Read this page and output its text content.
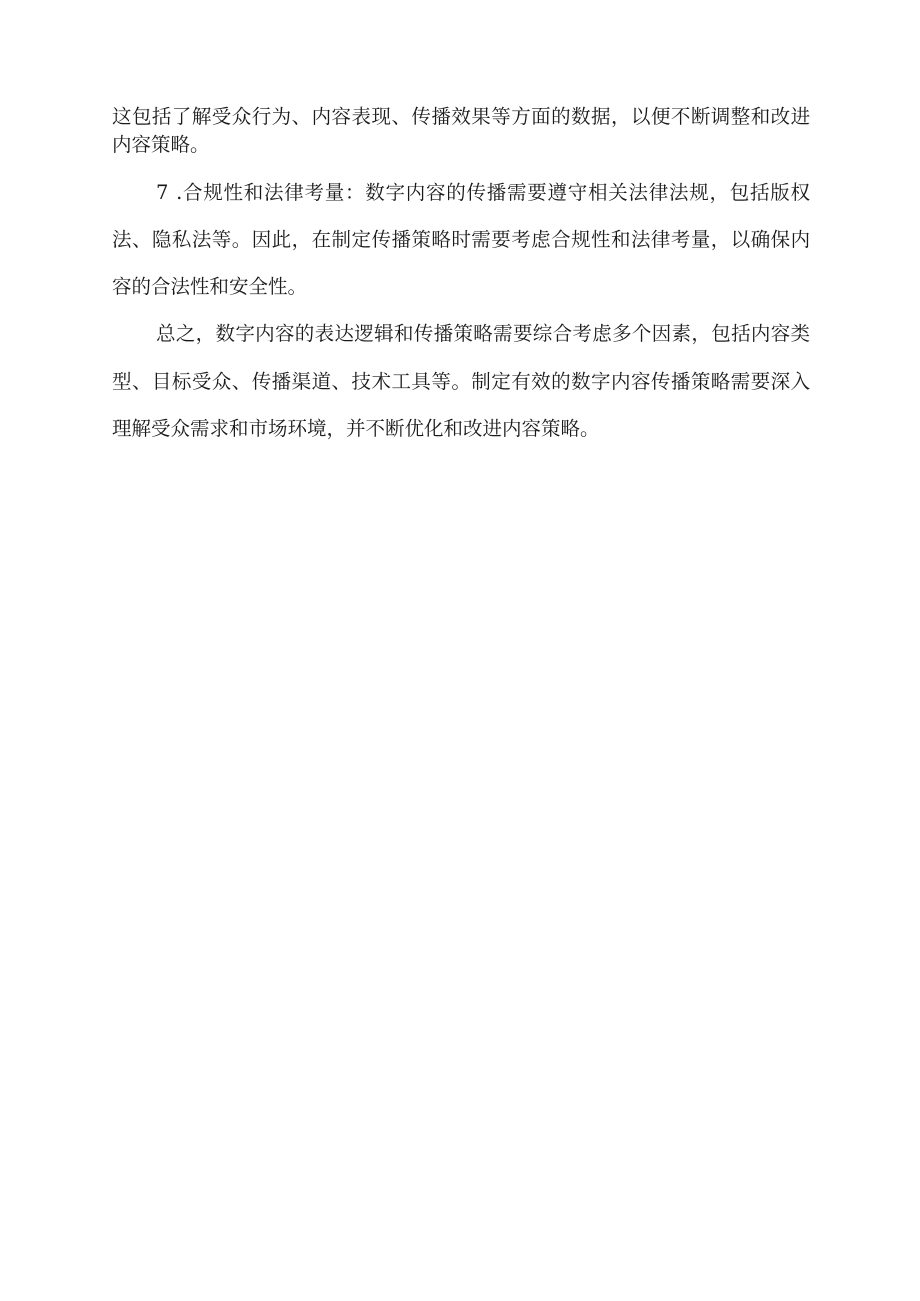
这包括了解受众行为、内容表现、传播效果等方面的数据，以便不断调整和改进
内容策略。
7 .合规性和法律考量：数字内容的传播需要遵守相关法律法规，包括版权
法、隐私法等。因此，在制定传播策略时需要考虑合规性和法律考量，以确保内
容的合法性和安全性。
总之，数字内容的表达逻辑和传播策略需要综合考虑多个因素，包括内容类
型、目标受众、传播渠道、技术工具等。制定有效的数字内容传播策略需要深入
理解受众需求和市场环境，并不断优化和改进内容策略。
